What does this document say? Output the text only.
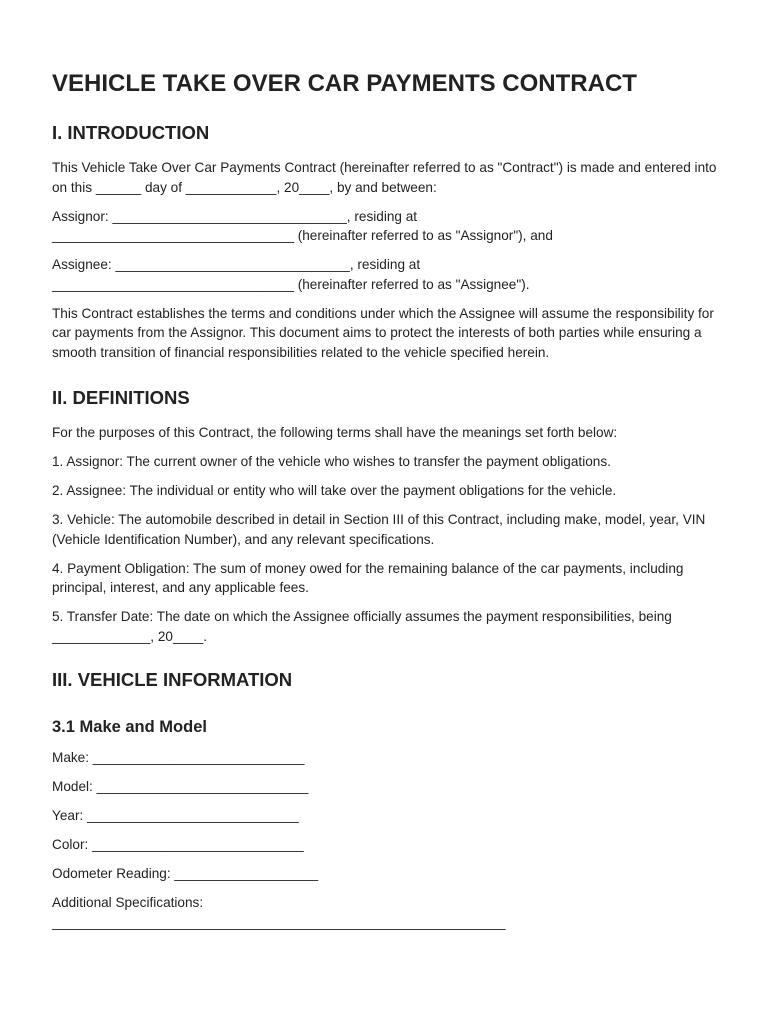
VEHICLE TAKE OVER CAR PAYMENTS CONTRACT
I. INTRODUCTION

This Vehicle Take Over Car Payments Contract (hereinafter referred to as "Contract") is made and entered into on this ______ day of ____________, 20____, by and between:

Assignor: _______________________________, residing at
________________________________ (hereinafter referred to as "Assignor"), and

Assignee: _______________________________, residing at
________________________________ (hereinafter referred to as "Assignee").

This Contract establishes the terms and conditions under which the Assignee will assume the responsibility for car payments from the Assignor. This document aims to protect the interests of both parties while ensuring a smooth transition of financial responsibilities related to the vehicle specified herein.

II. DEFINITIONS

For the purposes of this Contract, the following terms shall have the meanings set forth below:

1. Assignor: The current owner of the vehicle who wishes to transfer the payment obligations.

2. Assignee: The individual or entity who will take over the payment obligations for the vehicle.

3. Vehicle: The automobile described in detail in Section III of this Contract, including make, model, year, VIN (Vehicle Identification Number), and any relevant specifications.

4. Payment Obligation: The sum of money owed for the remaining balance of the car payments, including principal, interest, and any applicable fees.

5. Transfer Date: The date on which the Assignee officially assumes the payment responsibilities, being _____________, 20____.

III. VEHICLE INFORMATION
3.1 Make and Model

Make: ____________________________

Model: ____________________________

Year: ____________________________

Color: ____________________________

Odometer Reading: ___________________

Additional Specifications:
____________________________________________________________
